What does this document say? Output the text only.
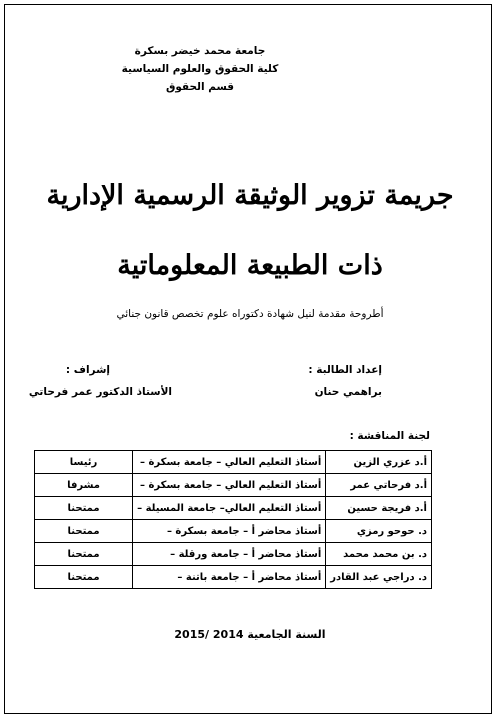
جامعة محمد خيضر بسكرة
كلية الحقوق والعلوم السياسية
قسم الحقوق
جريمة تزوير الوثيقة الرسمية الإدارية
ذات الطبيعة المعلوماتية
أطروحة مقدمة لنيل شهادة دكتوراه علوم تخصص قانون جنائي
إعداد الطالبة :
براهمي حنان
إشراف :
الأستاذ الدكتور عمر فرحاتي
لجنة المناقشة :
أ.د عزري الزين	أستاذ التعليم العالي – جامعة بسكرة –	رئيسا
أ.د فرحاتي عمر	أستاذ التعليم العالي – جامعة بسكرة –	مشرفا
أ.د فريجة حسين	أستاذ التعليم العالي– جامعة المسيلة –	ممتحنا
د. حوحو رمزي	أستاذ محاضر أ – جامعة بسكرة –	ممتحنا
د. بن محمد محمد	أستاذ محاضر أ – جامعة ورقلة –	ممتحنا
د. دراجي عبد القادر	أستاذ محاضر أ – جامعة باتنة –	ممتحنا
السنة الجامعية 2014 /2015
